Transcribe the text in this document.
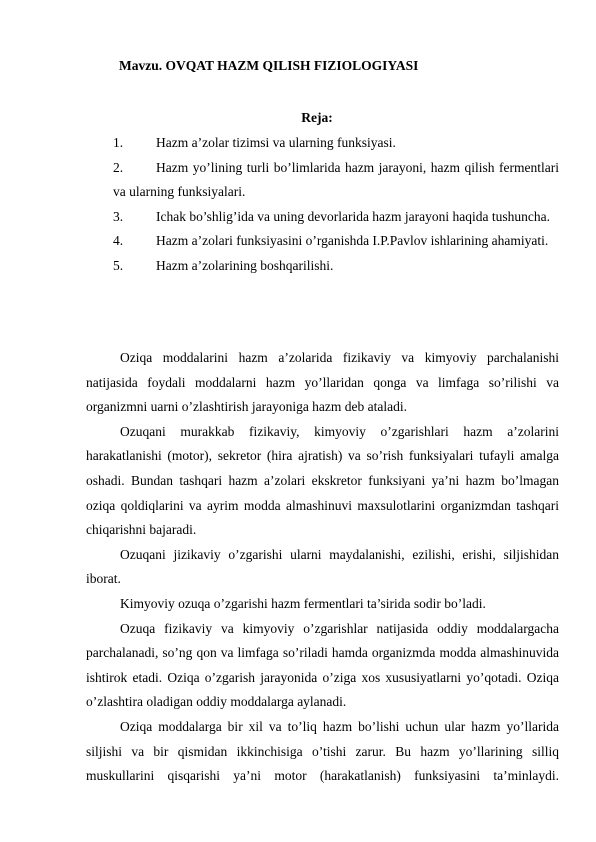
Mavzu. OVQAT HAZM QILISH FIZIOLOGIYASI
Reja:
1. Hazm a’zolar tizimsi va ularning funksiyasi.
2. Hazm yo’lining turli bo’limlarida hazm jarayoni, hazm qilish fermentlari va ularning funksiyalari.
3. Ichak bo’shlig’ida va uning devorlarida hazm jarayoni haqida tushuncha.
4. Hazm a’zolari funksiyasini o’rganishda I.P.Pavlov ishlarining ahamiyati.
5. Hazm a’zolarining boshqarilishi.

Oziqa moddalarini hazm a’zolarida fizikaviy va kimyoviy parchalanishi natijasida foydali moddalarni hazm yo’llaridan qonga va limfaga so’rilishi va organizmni uarni o’zlashtirish jarayoniga hazm deb ataladi.

Ozuqani murakkab fizikaviy, kimyoviy o’zgarishlari hazm a’zolarini harakatlanishi (motor), sekretor (hira ajratish) va so’rish funksiyalari tufayli amalga oshadi. Bundan tashqari hazm a’zolari ekskretor funksiyani ya’ni hazm bo’lmagan oziqa qoldiqlarini va ayrim modda almashinuvi maxsulotlarini organizmdan tashqari chiqarishni bajaradi.

Ozuqani jizikaviy o’zgarishi ularni maydalanishi, ezilishi, erishi, siljishidan iborat.

Kimyoviy ozuqa o’zgarishi hazm fermentlari ta’sirida sodir bo’ladi.

Ozuqa fizikaviy va kimyoviy o’zgarishlar natijasida oddiy moddalargacha parchalanadi, so’ng qon va limfaga so’riladi hamda organizmda modda almashinuvida ishtirok etadi. Oziqa o’zgarish jarayonida o’ziga xos xususiyatlarni yo’qotadi. Oziqa o’zlashtira oladigan oddiy moddalarga aylanadi.

Oziqa moddalarga bir xil va to’liq hazm bo’lishi uchun ular hazm yo’llarida siljishi va bir qismidan ikkinchisiga o’tishi zarur. Bu hazm yo’llarining silliq muskullarini qisqarishi ya’ni motor (harakatlanish) funksiyasini ta’minlaydi.
